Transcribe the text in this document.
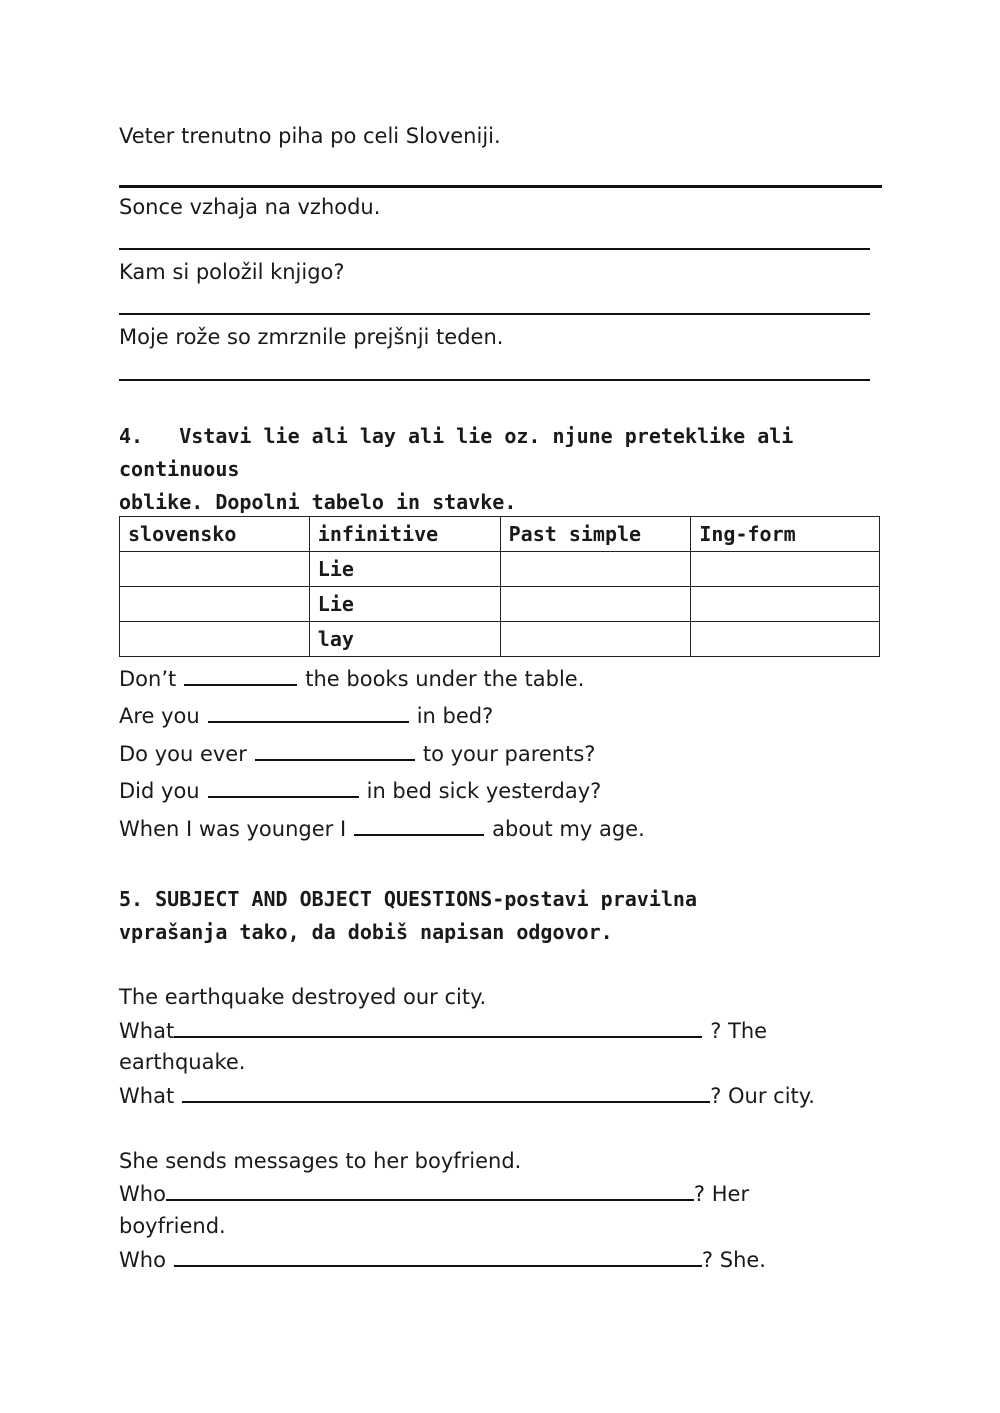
Veter trenutno piha po celi Sloveniji.
Sonce vzhaja na vzhodu.
Kam si položil knjigo?
Moje rože so zmrznile prejšnji teden.
4. Vstavi lie ali lay ali lie oz. njune preteklike ali continuous
oblike. Dopolni tabelo in stavke.
slovensko	infinitive	Past simple	Ing-form
	Lie		
	Lie		
	lay		
Don’t	the books under the table.
Are you	in bed?
Do you ever	to your parents?
Did you	in bed sick yesterday?
When I was younger I	about my age.
5. SUBJECT AND OBJECT QUESTIONS-postavi pravilna
vprašanja tako, da dobiš napisan odgovor.
The earthquake destroyed our city.
What	? The
earthquake.
What	? Our city.
She sends messages to her boyfriend.
Who	? Her
boyfriend.
Who	? She.
